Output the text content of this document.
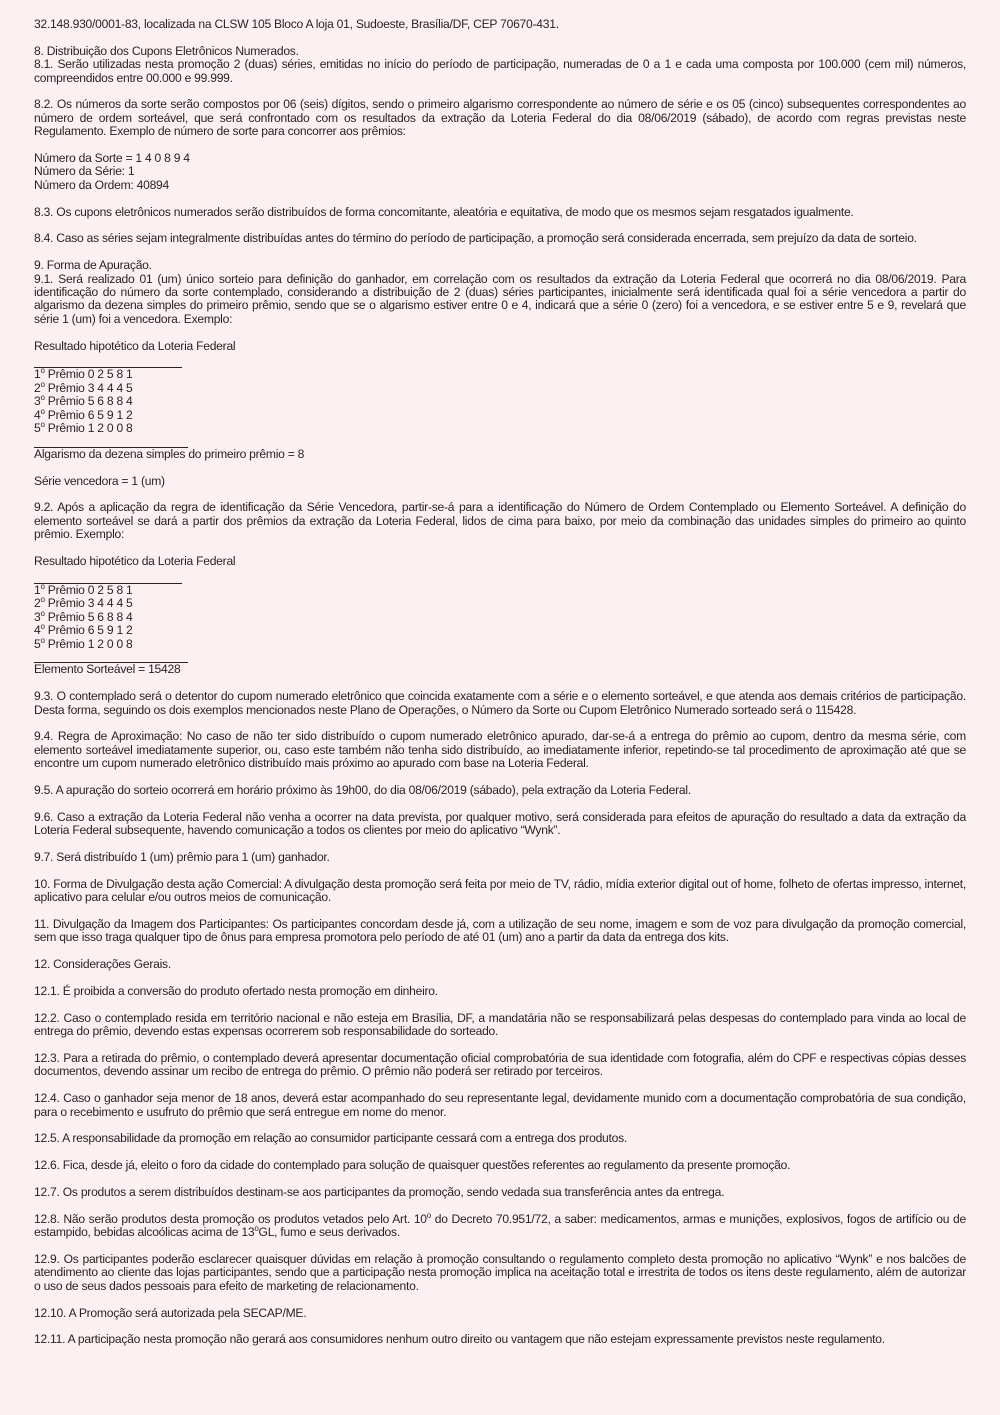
32.148.930/0001-83, localizada na CLSW 105 Bloco A loja 01, Sudoeste, Brasília/DF, CEP 70670-431.
8. Distribuição dos Cupons Eletrônicos Numerados.
8.1. Serão utilizadas nesta promoção 2 (duas) séries, emitidas no início do período de participação, numeradas de 0 a 1 e cada uma composta por 100.000 (cem mil) números, compreendidos entre 00.000 e 99.999.
8.2. Os números da sorte serão compostos por 06 (seis) dígitos, sendo o primeiro algarismo correspondente ao número de série e os 05 (cinco) subsequentes correspondentes ao número de ordem sorteável, que será confrontado com os resultados da extração da Loteria Federal do dia 08/06/2019 (sábado), de acordo com regras previstas neste Regulamento. Exemplo de número de sorte para concorrer aos prêmios:
Número da Sorte = 1 4 0 8 9 4
Número da Série: 1
Número da Ordem: 40894
8.3. Os cupons eletrônicos numerados serão distribuídos de forma concomitante, aleatória e equitativa, de modo que os mesmos sejam resgatados igualmente.
8.4. Caso as séries sejam integralmente distribuídas antes do término do período de participação, a promoção será considerada encerrada, sem prejuízo da data de sorteio.
9. Forma de Apuração.
9.1. Será realizado 01 (um) único sorteio para definição do ganhador, em correlação com os resultados da extração da Loteria Federal que ocorrerá no dia 08/06/2019. Para identificação do número da sorte contemplado, considerando a distribuição de 2 (duas) séries participantes, inicialmente será identificada qual foi a série vencedora a partir do algarismo da dezena simples do primeiro prêmio, sendo que se o algarismo estiver entre 0 e 4, indicará que a série 0 (zero) foi a vencedora, e se estiver entre 5 e 9, revelará que série 1 (um) foi a vencedora. Exemplo:
Resultado hipotético da Loteria Federal

1$^o$ Prêmio 0 2 5 8 1
2$^o$ Prêmio 3 4 4 4 5
3$^o$ Prêmio 5 6 8 8 4
4$^o$ Prêmio 6 5 9 1 2
5$^o$ Prêmio 1 2 0 0 8

Algarismo da dezena simples do primeiro prêmio = 8
Série vencedora = 1 (um)
9.2. Após a aplicação da regra de identificação da Série Vencedora, partir-se-á para a identificação do Número de Ordem Contemplado ou Elemento Sorteável. A definição do elemento sorteável se dará a partir dos prêmios da extração da Loteria Federal, lidos de cima para baixo, por meio da combinação das unidades simples do primeiro ao quinto prêmio. Exemplo:
Resultado hipotético da Loteria Federal

1$^o$ Prêmio 0 2 5 8 1
2$^o$ Prêmio 3 4 4 4 5
3$^o$ Prêmio 5 6 8 8 4
4$^o$ Prêmio 6 5 9 1 2
5$^o$ Prêmio 1 2 0 0 8

Elemento Sorteável = 15428
9.3. O contemplado será o detentor do cupom numerado eletrônico que coincida exatamente com a série e o elemento sorteável, e que atenda aos demais critérios de participação. Desta forma, seguindo os dois exemplos mencionados neste Plano de Operações, o Número da Sorte ou Cupom Eletrônico Numerado sorteado será o 115428.
9.4. Regra de Aproximação: No caso de não ter sido distribuído o cupom numerado eletrônico apurado, dar-se-á a entrega do prêmio ao cupom, dentro da mesma série, com elemento sorteável imediatamente superior, ou, caso este também não tenha sido distribuído, ao imediatamente inferior, repetindo-se tal procedimento de aproximação até que se encontre um cupom numerado eletrônico distribuído mais próximo ao apurado com base na Loteria Federal.
9.5. A apuração do sorteio ocorrerá em horário próximo às 19h00, do dia 08/06/2019 (sábado), pela extração da Loteria Federal.
9.6. Caso a extração da Loteria Federal não venha a ocorrer na data prevista, por qualquer motivo, será considerada para efeitos de apuração do resultado a data da extração da Loteria Federal subsequente, havendo comunicação a todos os clientes por meio do aplicativo “Wynk”.
9.7. Será distribuído 1 (um) prêmio para 1 (um) ganhador.
10. Forma de Divulgação desta ação Comercial: A divulgação desta promoção será feita por meio de TV, rádio, mídia exterior digital out of home, folheto de ofertas impresso, internet, aplicativo para celular e/ou outros meios de comunicação.
11. Divulgação da Imagem dos Participantes: Os participantes concordam desde já, com a utilização de seu nome, imagem e som de voz para divulgação da promoção comercial, sem que isso traga qualquer tipo de ônus para empresa promotora pelo período de até 01 (um) ano a partir da data da entrega dos kits.
12. Considerações Gerais.
12.1. É proibida a conversão do produto ofertado nesta promoção em dinheiro.
12.2. Caso o contemplado resida em território nacional e não esteja em Brasília, DF, a mandatária não se responsabilizará pelas despesas do contemplado para vinda ao local de entrega do prêmio, devendo estas expensas ocorrerem sob responsabilidade do sorteado.
12.3. Para a retirada do prêmio, o contemplado deverá apresentar documentação oficial comprobatória de sua identidade com fotografia, além do CPF e respectivas cópias desses documentos, devendo assinar um recibo de entrega do prêmio. O prêmio não poderá ser retirado por terceiros.
12.4. Caso o ganhador seja menor de 18 anos, deverá estar acompanhado do seu representante legal, devidamente munido com a documentação comprobatória de sua condição, para o recebimento e usufruto do prêmio que será entregue em nome do menor.
12.5. A responsabilidade da promoção em relação ao consumidor participante cessará com a entrega dos produtos.
12.6. Fica, desde já, eleito o foro da cidade do contemplado para solução de quaisquer questões referentes ao regulamento da presente promoção.
12.7. Os produtos a serem distribuídos destinam-se aos participantes da promoção, sendo vedada sua transferência antes da entrega.
12.8. Não serão produtos desta promoção os produtos vetados pelo Art. 10$^o$ do Decreto 70.951/72, a saber: medicamentos, armas e munições, explosivos, fogos de artifício ou de estampido, bebidas alcoólicas acima de 13$^o$GL, fumo e seus derivados.
12.9. Os participantes poderão esclarecer quaisquer dúvidas em relação à promoção consultando o regulamento completo desta promoção no aplicativo “Wynk” e nos balcões de atendimento ao cliente das lojas participantes, sendo que a participação nesta promoção implica na aceitação total e irrestrita de todos os itens deste regulamento, além de autorizar o uso de seus dados pessoais para efeito de marketing de relacionamento.
12.10. A Promoção será autorizada pela SECAP/ME.
12.11. A participação nesta promoção não gerará aos consumidores nenhum outro direito ou vantagem que não estejam expressamente previstos neste regulamento.
